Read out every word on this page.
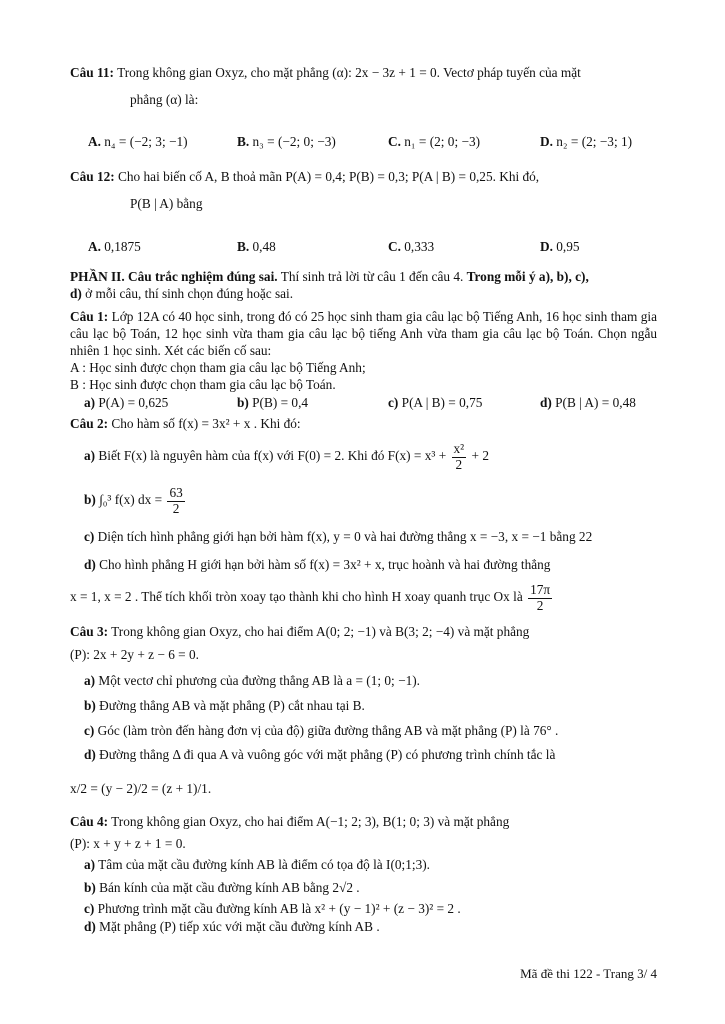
Câu 11: Trong không gian Oxyz, cho mặt phẳng (α): 2x − 3z + 1 = 0. Vectơ pháp tuyến của mặt
phẳng (α) là:
A. n₄ = (−2; 3; −1)	B. n₃ = (−2; 0; −3)	C. n₁ = (2; 0; −3)	D. n₂ = (2; −3; 1)
Câu 12: Cho hai biến cố A, B thoả mãn P(A) = 0,4; P(B) = 0,3; P(A | B) = 0,25. Khi đó,
P(B | A) bằng
A. 0,1875	B. 0,48	C. 0,333	D. 0,95
PHẦN II. Câu trắc nghiệm đúng sai. Thí sinh trả lời từ câu 1 đến câu 4. Trong mỗi ý a), b), c),
d) ở mỗi câu, thí sinh chọn đúng hoặc sai.
Câu 1: Lớp 12A có 40 học sinh, trong đó có 25 học sinh tham gia câu lạc bộ Tiếng Anh, 16 học sinh tham gia câu lạc bộ Toán, 12 học sinh vừa tham gia câu lạc bộ tiếng Anh vừa tham gia câu lạc bộ Toán. Chọn ngẫu nhiên 1 học sinh. Xét các biến cố sau:
A : Học sinh được chọn tham gia câu lạc bộ Tiếng Anh;
B : Học sinh được chọn tham gia câu lạc bộ Toán.
a) P(A) = 0,625	b) P(B) = 0,4	c) P(A | B) = 0,75	d) P(B | A) = 0,48
Câu 2: Cho hàm số f(x) = 3x² + x . Khi đó:
a) Biết F(x) là nguyên hàm của f(x) với F(0) = 2. Khi đó $F(x) = x^3 + \frac{\text{x²}}{2} + 2$
b) ∫₀³ f(x) dx = $\frac{63}{2}$
c) Diện tích hình phẳng giới hạn bởi hàm f(x), y = 0 và hai đường thẳng x = −3, x = −1 bằng 22
d) Cho hình phẳng H giới hạn bởi hàm số f(x) = 3x² + x, trục hoành và hai đường thẳng
x = 1, x = 2 . Thể tích khối tròn xoay tạo thành khi cho hình H xoay quanh trục Ox là $\frac{17\pi}{2}$
Câu 3: Trong không gian Oxyz, cho hai điểm A(0; 2; −1) và B(3; 2; −4) và mặt phẳng
(P): 2x + 2y + z − 6 = 0.
a) Một vectơ chỉ phương của đường thẳng AB là a = (1; 0; −1).
b) Đường thẳng AB và mặt phẳng (P) cắt nhau tại B.
c) Góc (làm tròn đến hàng đơn vị của độ) giữa đường thẳng AB và mặt phẳng (P) là 76° .
d) Đường thẳng Δ đi qua A và vuông góc với mặt phẳng (P) có phương trình chính tắc là
x/2 = (y − 2)/2 = (z + 1)/1.
Câu 4: Trong không gian Oxyz, cho hai điểm A(−1; 2; 3), B(1; 0; 3) và mặt phẳng
(P): x + y + z + 1 = 0.
a) Tâm của mặt cầu đường kính AB là điểm có tọa độ là I(0;1;3).
b) Bán kính của mặt cầu đường kính AB bằng 2√2 .
c) Phương trình mặt cầu đường kính AB là x² + (y − 1)² + (z − 3)² = 2 .
d) Mặt phẳng (P) tiếp xúc với mặt cầu đường kính AB .
Mã đề thi 122 - Trang 3/ 4
